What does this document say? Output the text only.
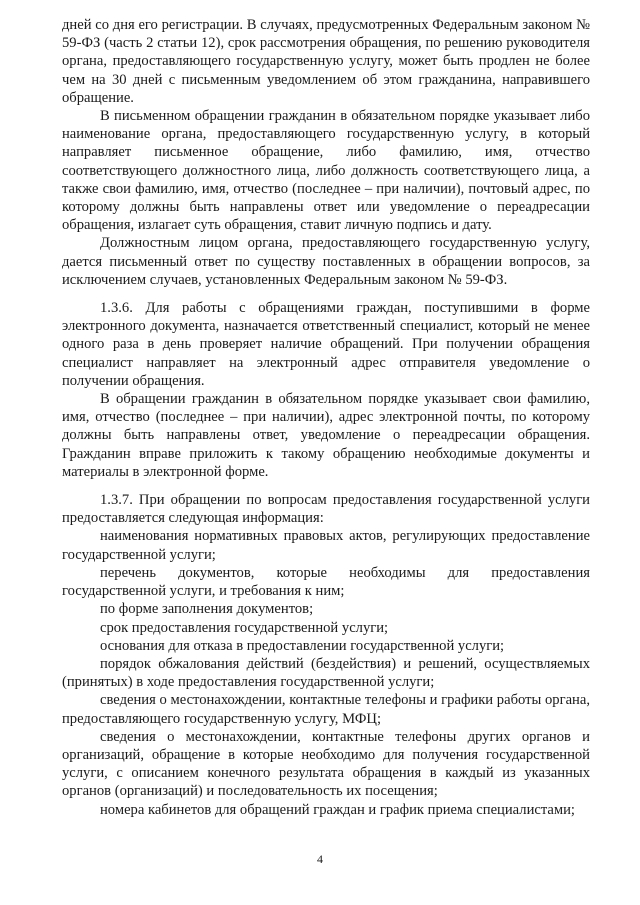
дней со дня его регистрации. В случаях, предусмотренных Федеральным законом № 59-ФЗ (часть 2 статьи 12), срок рассмотрения обращения, по решению руководителя органа, предоставляющего государственную услугу, может быть продлен не более чем на 30 дней с письменным уведомлением об этом гражданина, направившего обращение.

В письменном обращении гражданин в обязательном порядке указывает либо наименование органа, предоставляющего государственную услугу, в который направляет письменное обращение, либо фамилию, имя, отчество соответствующего должностного лица, либо должность соответствующего лица, а также свои фамилию, имя, отчество (последнее – при наличии), почтовый адрес, по которому должны быть направлены ответ или уведомление о переадресации обращения, излагает суть обращения, ставит личную подпись и дату.

Должностным лицом органа, предоставляющего государственную услугу, дается письменный ответ по существу поставленных в обращении вопросов, за исключением случаев, установленных Федеральным законом № 59-ФЗ.

1.3.6. Для работы с обращениями граждан, поступившими в форме электронного документа, назначается ответственный специалист, который не менее одного раза в день проверяет наличие обращений. При получении обращения специалист направляет на электронный адрес отправителя уведомление о получении обращения.

В обращении гражданин в обязательном порядке указывает свои фамилию, имя, отчество (последнее – при наличии), адрес электронной почты, по которому должны быть направлены ответ, уведомление о переадресации обращения. Гражданин вправе приложить к такому обращению необходимые документы и материалы в электронной форме.

1.3.7. При обращении по вопросам предоставления государственной услуги предоставляется следующая информация:

наименования нормативных правовых актов, регулирующих предоставление государственной услуги;

перечень документов, которые необходимы для предоставления государственной услуги, и требования к ним;

по форме заполнения документов;

срок предоставления государственной услуги;

основания для отказа в предоставлении государственной услуги;

порядок обжалования действий (бездействия) и решений, осуществляемых (принятых) в ходе предоставления государственной услуги;

сведения о местонахождении, контактные телефоны и графики работы органа, предоставляющего государственную услугу, МФЦ;

сведения о местонахождении, контактные телефоны других органов и организаций, обращение в которые необходимо для получения государственной услуги, с описанием конечного результата обращения в каждый из указанных органов (организаций) и последовательность их посещения;

номера кабинетов для обращений граждан и график приема специалистами;

4
